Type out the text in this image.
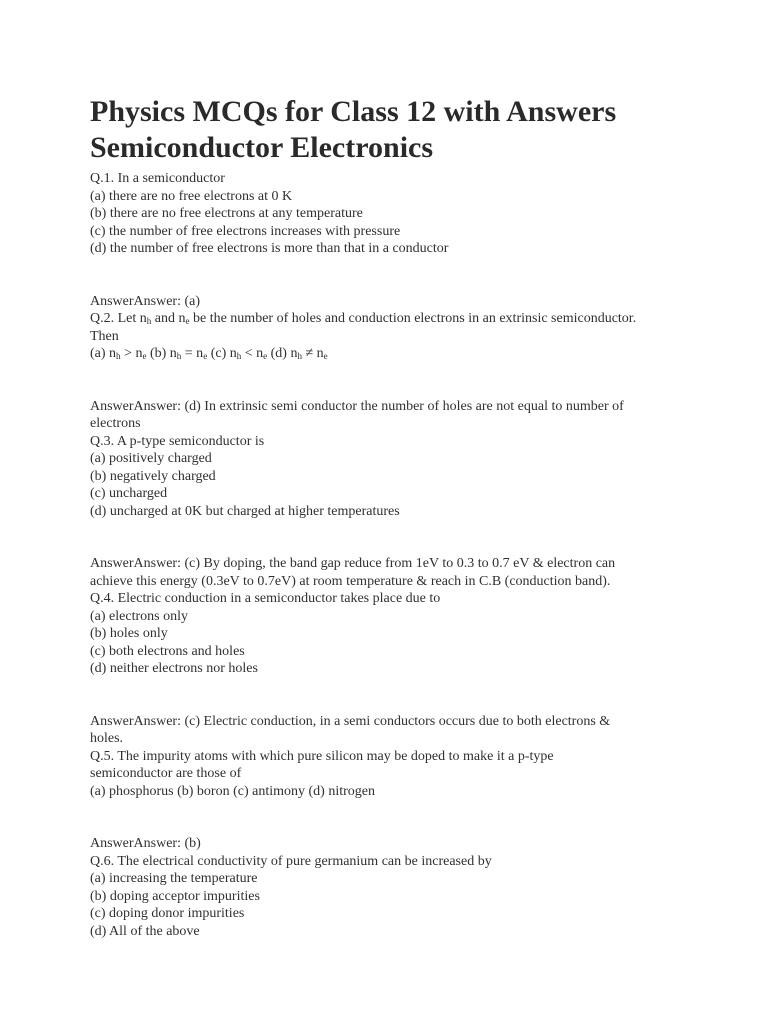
Physics MCQs for Class 12 with Answers
Semiconductor Electronics

Q.1. In a semiconductor

(a) there are no free electrons at 0 K

(b) there are no free electrons at any temperature

(c) the number of free electrons increases with pressure

(d) the number of free electrons is more than that in a conductor

AnswerAnswer: (a)

Q.2. Let $n_h$ and $n_e$ be the number of holes and conduction electrons in an extrinsic semiconductor.

Then

(a) $n_h > n_e$ (b) $n_h = n_e$ (c) $n_h < n_e$ (d) $n_h \ne n_e$

AnswerAnswer: (d) In extrinsic semi conductor the number of holes are not equal to number of

electrons

Q.3. A p-type semiconductor is

(a) positively charged

(b) negatively charged

(c) uncharged

(d) uncharged at 0K but charged at higher temperatures

AnswerAnswer: (c) By doping, the band gap reduce from 1eV to 0.3 to 0.7 eV & electron can

achieve this energy (0.3eV to 0.7eV) at room temperature & reach in C.B (conduction band).

Q.4. Electric conduction in a semiconductor takes place due to

(a) electrons only

(b) holes only

(c) both electrons and holes

(d) neither electrons nor holes

AnswerAnswer: (c) Electric conduction, in a semi conductors occurs due to both electrons &

holes.

Q.5. The impurity atoms with which pure silicon may be doped to make it a p-type

semiconductor are those of

(a) phosphorus (b) boron (c) antimony (d) nitrogen

AnswerAnswer: (b)

Q.6. The electrical conductivity of pure germanium can be increased by

(a) increasing the temperature

(b) doping acceptor impurities

(c) doping donor impurities

(d) All of the above
